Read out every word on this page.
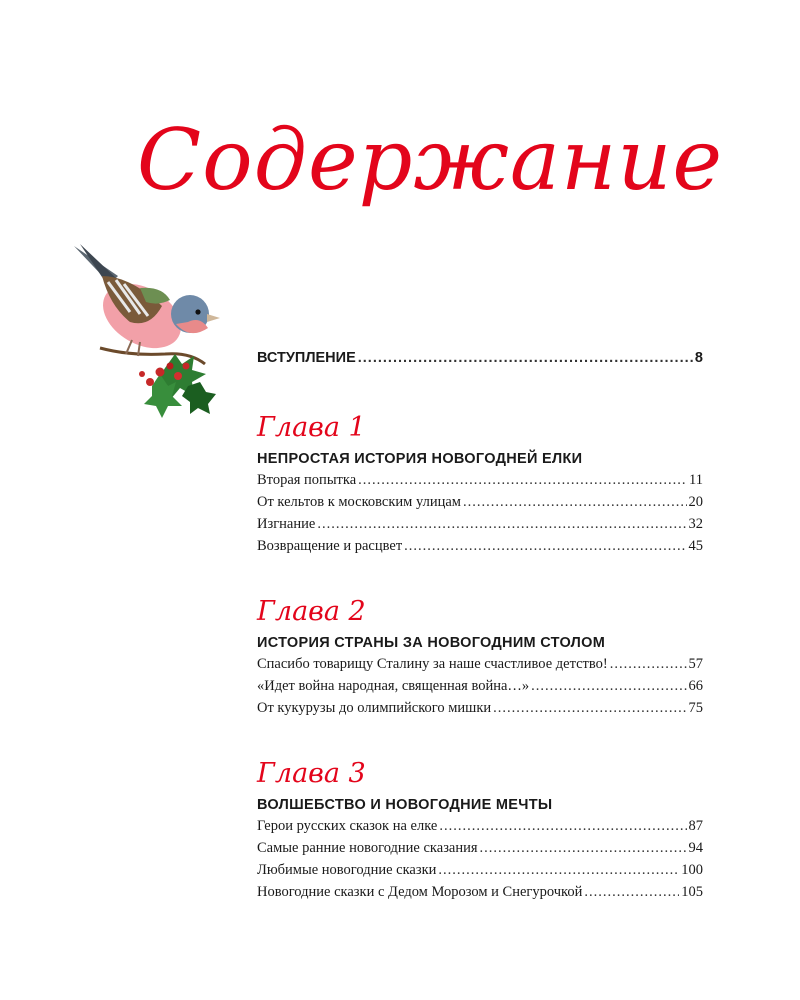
Содержание
ВСТУПЛЕНИЕ .....	8
Глава 1
НЕПРОСТАЯ ИСТОРИЯ НОВОГОДНЕЙ ЕЛКИ
Вторая попытка .....	11
От кельтов к московским улицам .....	20
Изгнание .....	32
Возвращение и расцвет .....	45
Глава 2
ИСТОРИЯ СТРАНЫ ЗА НОВОГОДНИМ СТОЛОМ
Спасибо товарищу Сталину за наше счастливое детство! .....	57
«Идет война народная, священная война…» .....	66
От кукурузы до олимпийского мишки .....	75
Глава 3
ВОЛШЕБСТВО И НОВОГОДНИЕ МЕЧТЫ
Герои русских сказок на елке .....	87
Самые ранние новогодние сказания .....	94
Любимые новогодние сказки .....	100
Новогодние сказки с Дедом Морозом и Снегурочкой .....	105
